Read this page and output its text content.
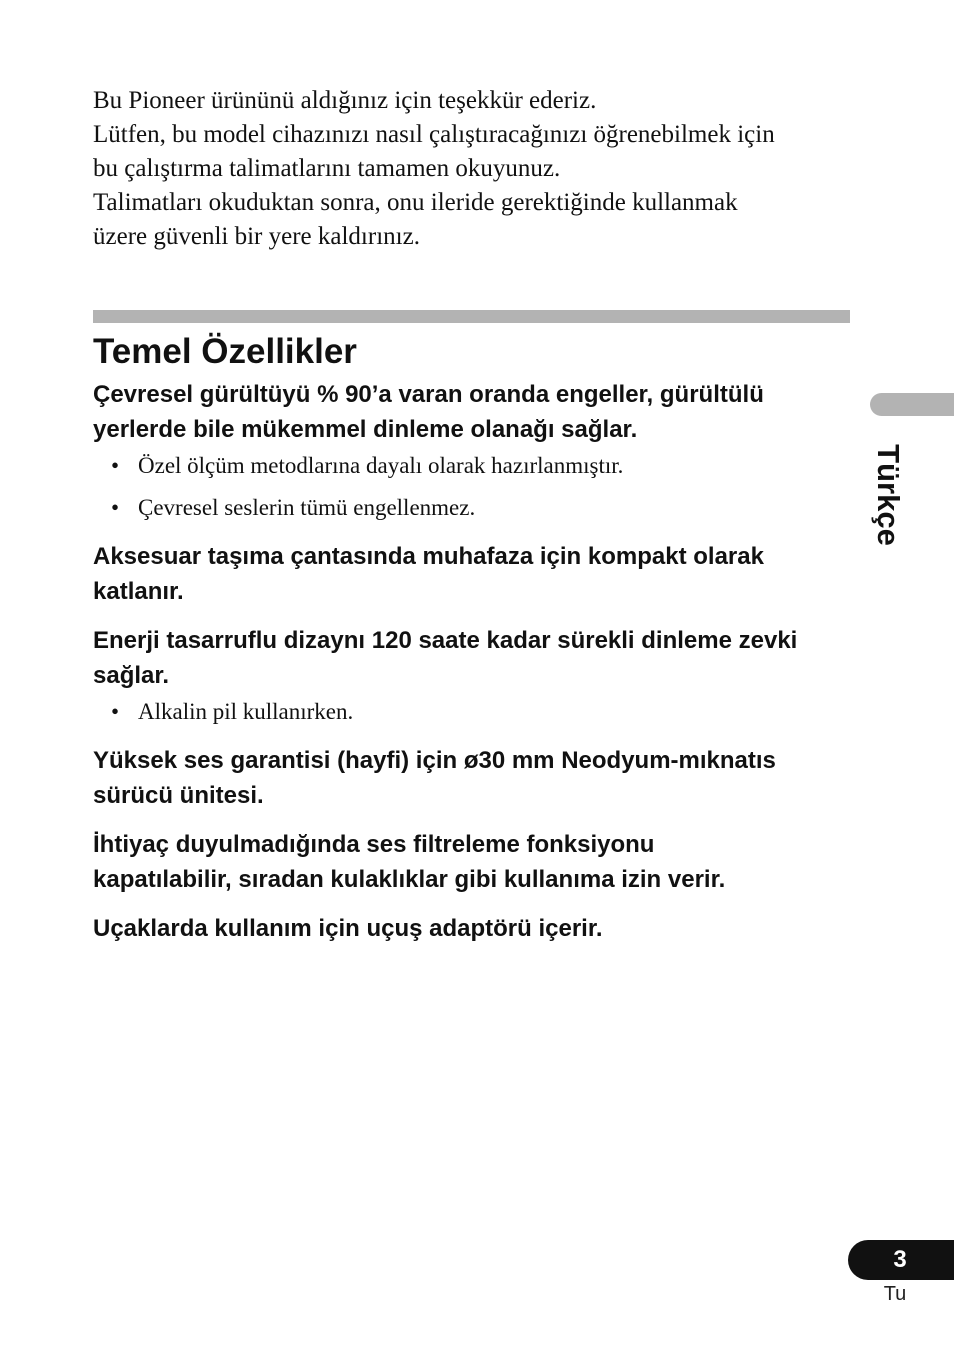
Bu Pioneer ürününü aldığınız için teşekkür ederiz.

Lütfen, bu model cihazınızı nasıl çalıştıracağınızı öğrenebilmek için
bu çalıştırma talimatlarını tamamen okuyunuz.

Talimatları okuduktan sonra, onu ileride gerektiğinde kullanmak
üzere güvenli bir yere kaldırınız.

Temel Özellikler

Çevresel gürültüyü % 90’a varan oranda engeller, gürültülü
yerlerde bile mükemmel dinleme olanağı sağlar.

• Özel ölçüm metodlarına dayalı olarak hazırlanmıştır.
• Çevresel seslerin tümü engellenmez.

Aksesuar taşıma çantasında muhafaza için kompakt olarak
katlanır.

Enerji tasarruflu dizaynı 120 saate kadar sürekli dinleme zevki
sağlar.

• Alkalin pil kullanırken.

Yüksek ses garantisi (hayfi) için ø30 mm Neodyum-mıknatıs
sürücü ünitesi.

İhtiyaç duyulmadığında ses filtreleme fonksiyonu
kapatılabilir, sıradan kulaklıklar gibi kullanıma izin verir.

Uçaklarda kullanım için uçuş adaptörü içerir.

Türkçe
3
Tu
